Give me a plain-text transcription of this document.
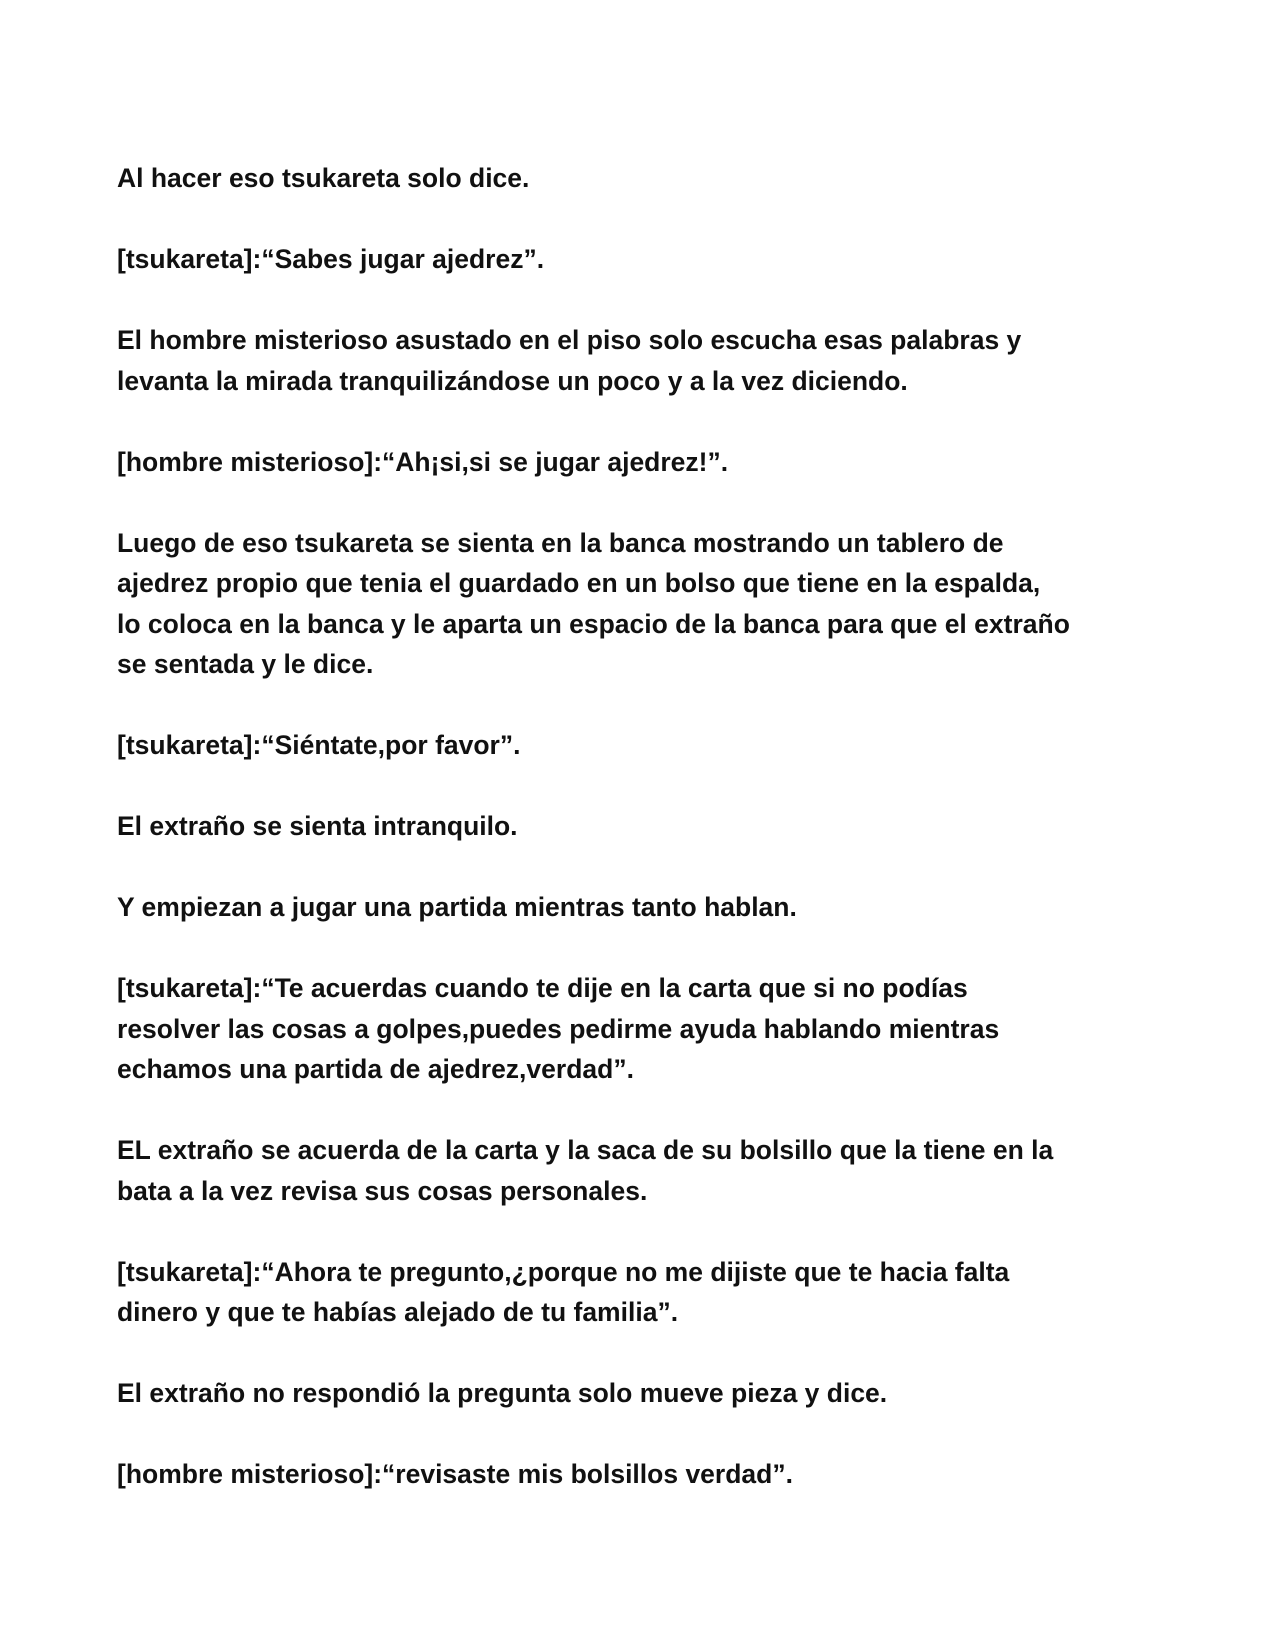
Al hacer eso tsukareta solo dice.

[tsukareta]:“Sabes jugar ajedrez”.

El hombre misterioso asustado en el piso solo escucha esas palabras y
levanta la mirada tranquilizándose un poco y a la vez diciendo.

[hombre misterioso]:“Ah¡si,si se jugar ajedrez!”.

Luego de eso tsukareta se sienta en la banca mostrando un tablero de
ajedrez propio que tenia el guardado en un bolso que tiene en la espalda,
lo coloca en la banca y le aparta un espacio de la banca para que el extraño
se sentada y le dice.

[tsukareta]:“Siéntate,por favor”.

El extraño se sienta intranquilo.

Y empiezan a jugar una partida mientras tanto hablan.

[tsukareta]:“Te acuerdas cuando te dije en la carta que si no podías
resolver las cosas a golpes,puedes pedirme ayuda hablando mientras
echamos una partida de ajedrez,verdad”.

EL extraño se acuerda de la carta y la saca de su bolsillo que la tiene en la
bata a la vez revisa sus cosas personales.

[tsukareta]:“Ahora te pregunto,¿porque no me dijiste que te hacia falta
dinero y que te habías alejado de tu familia”.

El extraño no respondió la pregunta solo mueve pieza y dice.

[hombre misterioso]:“revisaste mis bolsillos verdad”.
